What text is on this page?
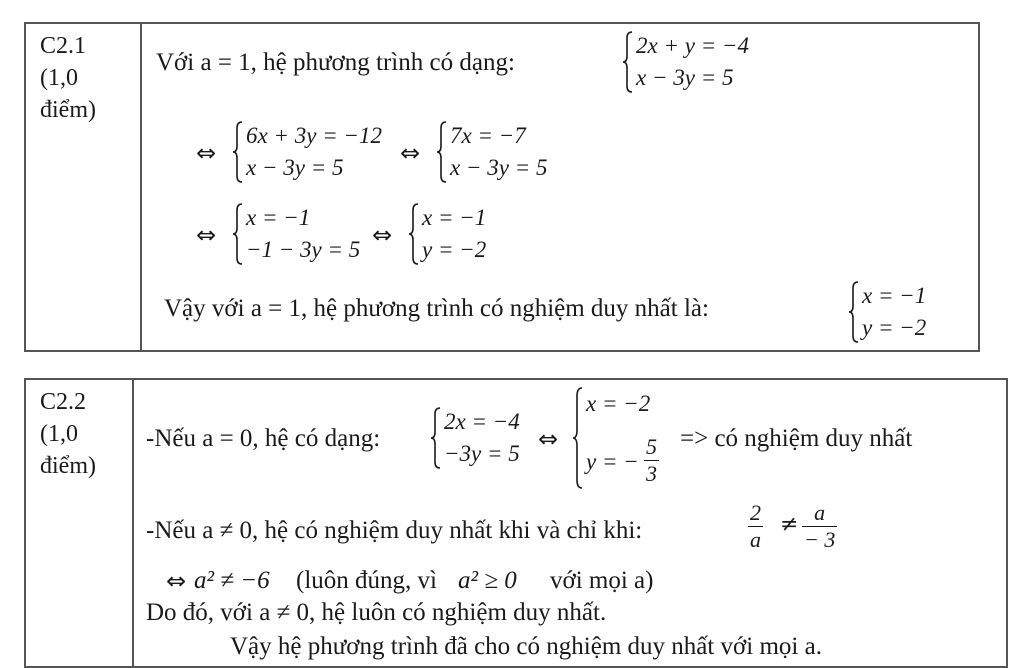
C2.1
(1,0
điểm)
Với a = 1, hệ phương trình có dạng:
2x + y = −4
x − 3y = 5
⇔
6x + 3y = −12
x − 3y = 5
⇔
7x = −7
x − 3y = 5
⇔
x = −1
−1 − 3y = 5
⇔
x = −1
y = −2
Vậy với a = 1, hệ phương trình có nghiệm duy nhất là:	x = −1
y = −2
C2.2
(1,0
điểm)
-Nếu a = 0, hệ có dạng:
2x = −4
−3y = 5
⇔
x = −2
y = − $\frac{5}{3}$ => có nghiệm duy nhất
-Nếu a ≠ 0, hệ có nghiệm duy nhất khi và chỉ khi:	$\frac{2}{a} \ne \frac{a}{- 3}$
⇔ a² ≠ −6 (luôn đúng, vì a² ≥ 0 với mọi a)
Do đó, với a ≠ 0, hệ luôn có nghiệm duy nhất.
Vậy hệ phương trình đã cho có nghiệm duy nhất với mọi a.
